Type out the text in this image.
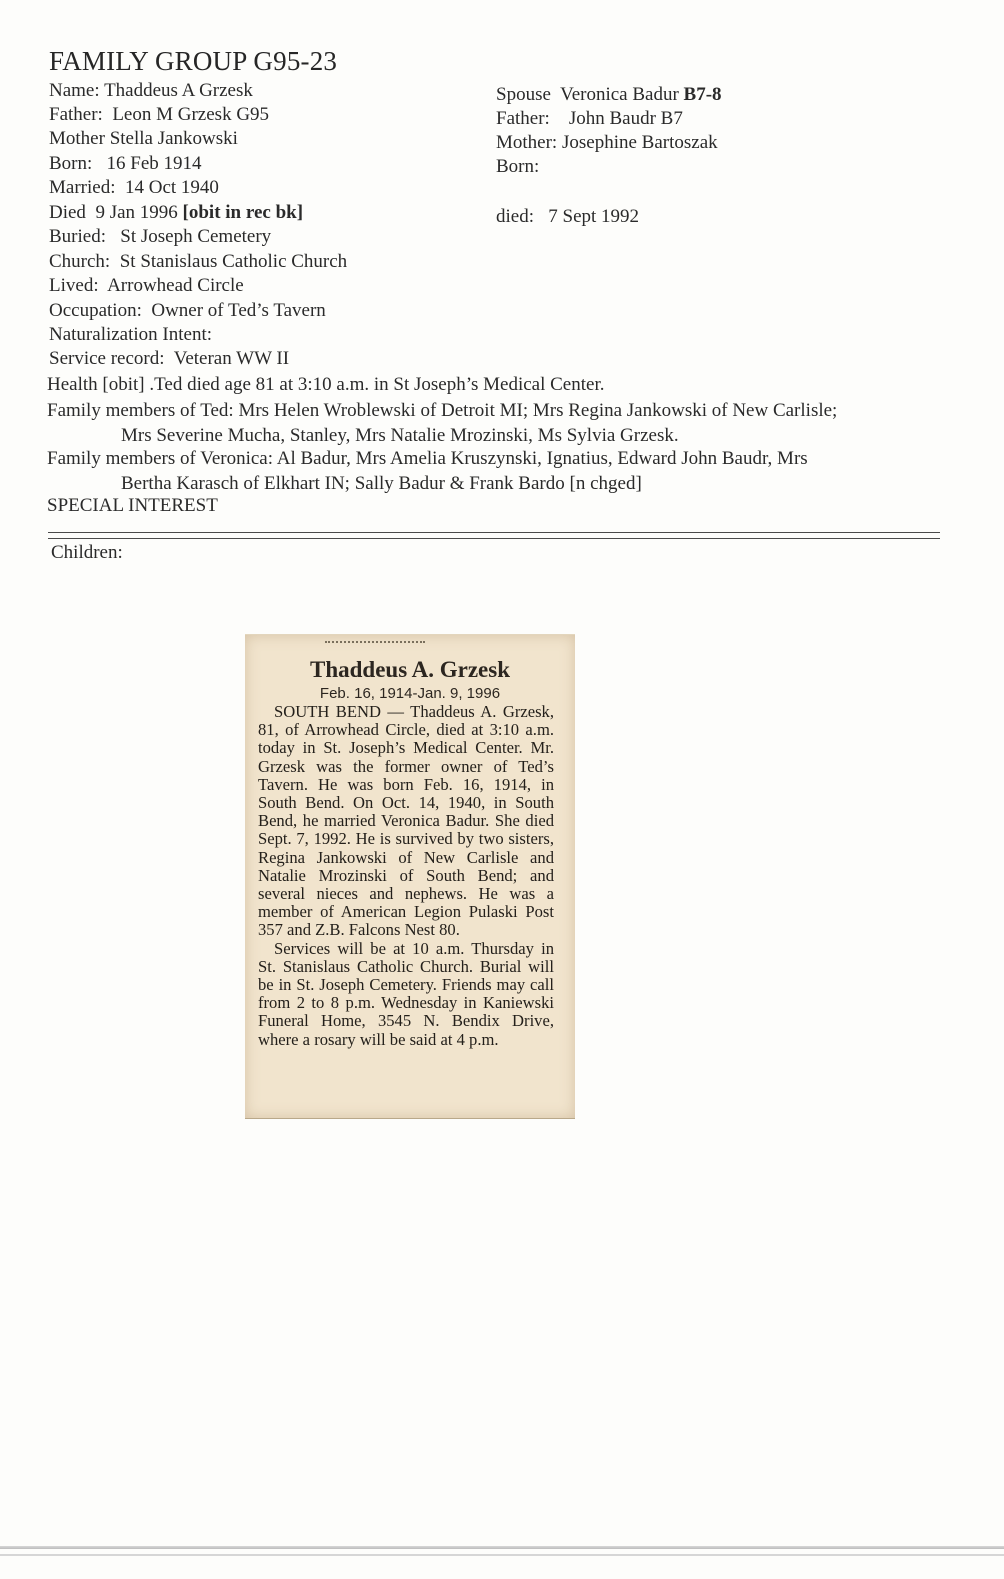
FAMILY GROUP G95-23
Name: Thaddeus A Grzesk
Father: Leon M Grzesk G95
Mother Stella Jankowski
Born: 16 Feb 1914
Married: 14 Oct 1940
Died 9 Jan 1996 [obit in rec bk]
Buried: St Joseph Cemetery
Church: St Stanislaus Catholic Church
Lived: Arrowhead Circle
Occupation: Owner of Ted’s Tavern
Naturalization Intent:
Service record: Veteran WW II
Spouse Veronica Badur B7-8
Father: John Baudr B7
Mother: Josephine Bartoszak
Born:
died: 7 Sept 1992
Health [obit] .Ted died age 81 at 3:10 a.m. in St Joseph’s Medical Center.
Family members of Ted: Mrs Helen Wroblewski of Detroit MI; Mrs Regina Jankowski of New Carlisle;
Mrs Severine Mucha, Stanley, Mrs Natalie Mrozinski, Ms Sylvia Grzesk.
Family members of Veronica: Al Badur, Mrs Amelia Kruszynski, Ignatius, Edward John Baudr, Mrs
Bertha Karasch of Elkhart IN; Sally Badur & Frank Bardo [n chged]
SPECIAL INTEREST
Children:
Thaddeus A. Grzesk
Feb. 16, 1914-Jan. 9, 1996

SOUTH BEND — Thaddeus A. Grzesk, 81, of Arrowhead Circle, died at 3:10 a.m. today in St. Joseph’s Medical Center. Mr. Grzesk was the former owner of Ted’s Tavern. He was born Feb. 16, 1914, in South Bend. On Oct. 14, 1940, in South Bend, he married Veronica Badur. She died Sept. 7, 1992. He is survived by two sisters, Regina Jankowski of New Carlisle and Natalie Mrozinski of South Bend; and several nieces and nephews. He was a member of American Legion Pulaski Post 357 and Z.B. Falcons Nest 80.

Services will be at 10 a.m. Thursday in St. Stanislaus Catholic Church. Burial will be in St. Joseph Cemetery. Friends may call from 2 to 8 p.m. Wednesday in Kaniewski Funeral Home, 3545 N. Bendix Drive, where a rosary will be said at 4 p.m.
